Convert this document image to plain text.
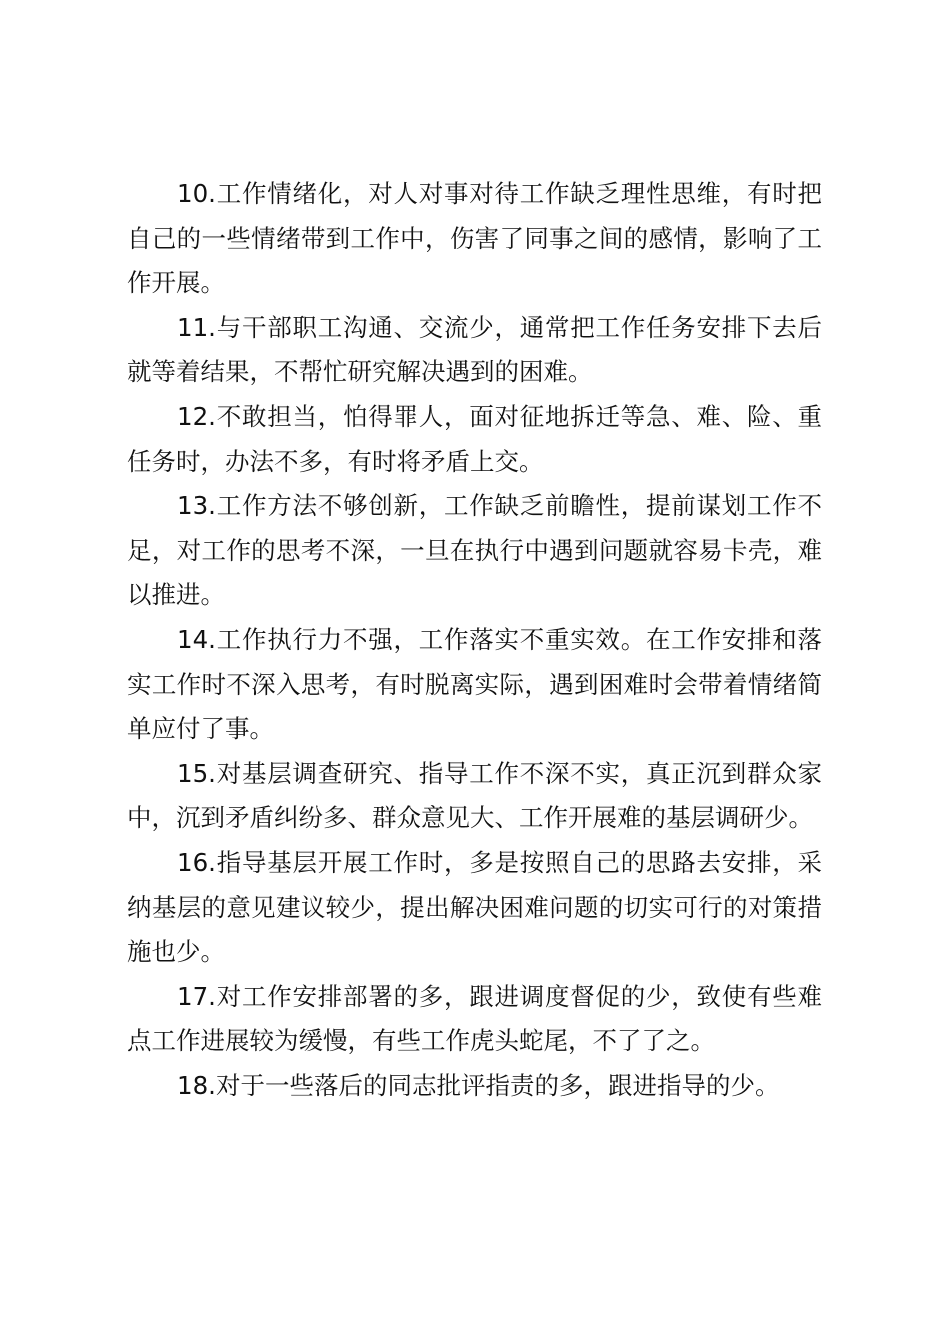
10.工作情绪化，对人对事对待工作缺乏理性思维，有时把自己的一些情绪带到工作中，伤害了同事之间的感情，影响了工作开展。

11.与干部职工沟通、交流少，通常把工作任务安排下去后就等着结果，不帮忙研究解决遇到的困难。

12.不敢担当，怕得罪人，面对征地拆迁等急、难、险、重任务时，办法不多，有时将矛盾上交。

13.工作方法不够创新，工作缺乏前瞻性，提前谋划工作不足，对工作的思考不深，一旦在执行中遇到问题就容易卡壳，难以推进。

14.工作执行力不强，工作落实不重实效。在工作安排和落实工作时不深入思考，有时脱离实际，遇到困难时会带着情绪简单应付了事。

15.对基层调查研究、指导工作不深不实，真正沉到群众家中，沉到矛盾纠纷多、群众意见大、工作开展难的基层调研少。

16.指导基层开展工作时，多是按照自己的思路去安排，采纳基层的意见建议较少，提出解决困难问题的切实可行的对策措施也少。

17.对工作安排部署的多，跟进调度督促的少，致使有些难点工作进展较为缓慢，有些工作虎头蛇尾，不了了之。

18.对于一些落后的同志批评指责的多，跟进指导的少。
